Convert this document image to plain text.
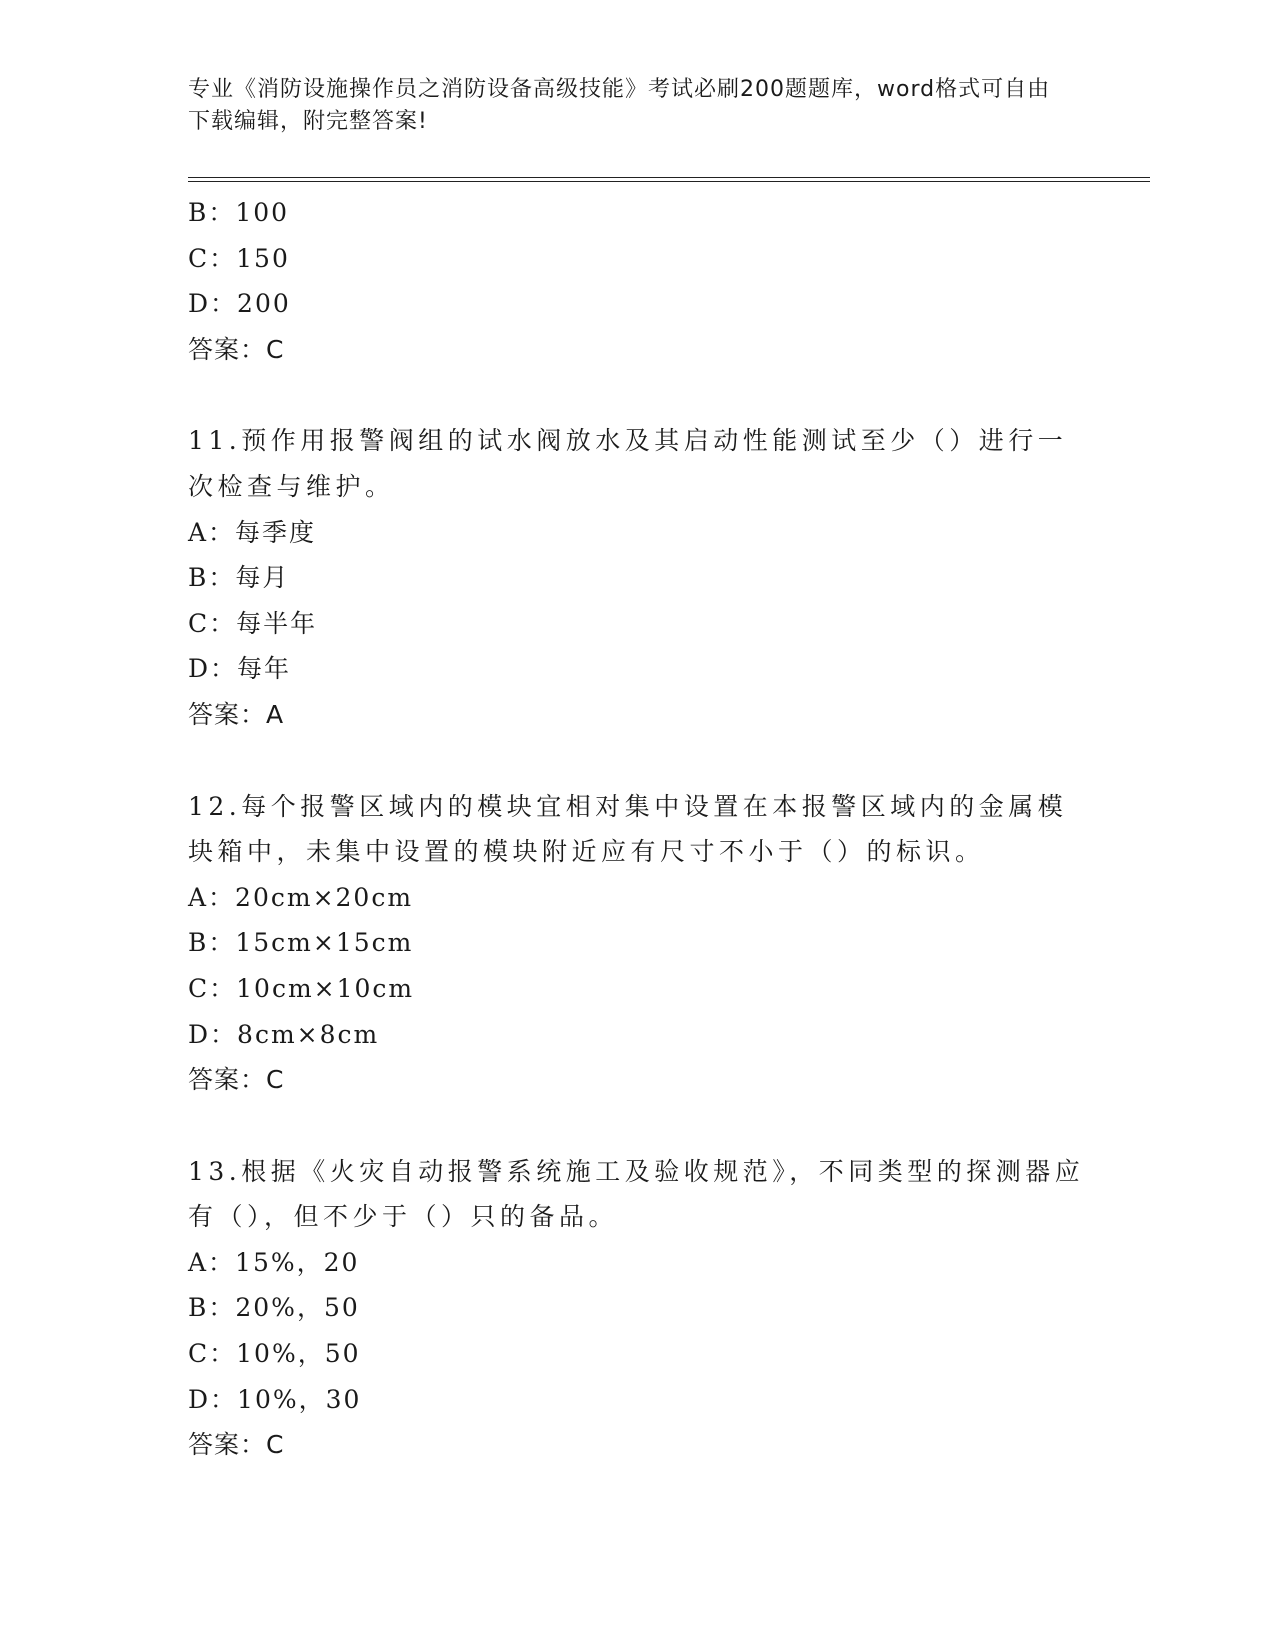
专业《消防设施操作员之消防设备高级技能》考试必刷200题题库，word格式可自由下载编辑，附完整答案!
B：100
C：150
D：200
答案：C
11.预作用报警阀组的试水阀放水及其启动性能测试至少（）进行一次检查与维护。
A：每季度
B：每月
C：每半年
D：每年
答案：A
12.每个报警区域内的模块宜相对集中设置在本报警区域内的金属模块箱中，未集中设置的模块附近应有尺寸不小于（）的标识。
A：20cm×20cm
B：15cm×15cm
C：10cm×10cm
D：8cm×8cm
答案：C
13.根据《火灾自动报警系统施工及验收规范》，不同类型的探测器应有（），但不少于（）只的备品。
A：15%，20
B：20%，50
C：10%，50
D：10%，30
答案：C
